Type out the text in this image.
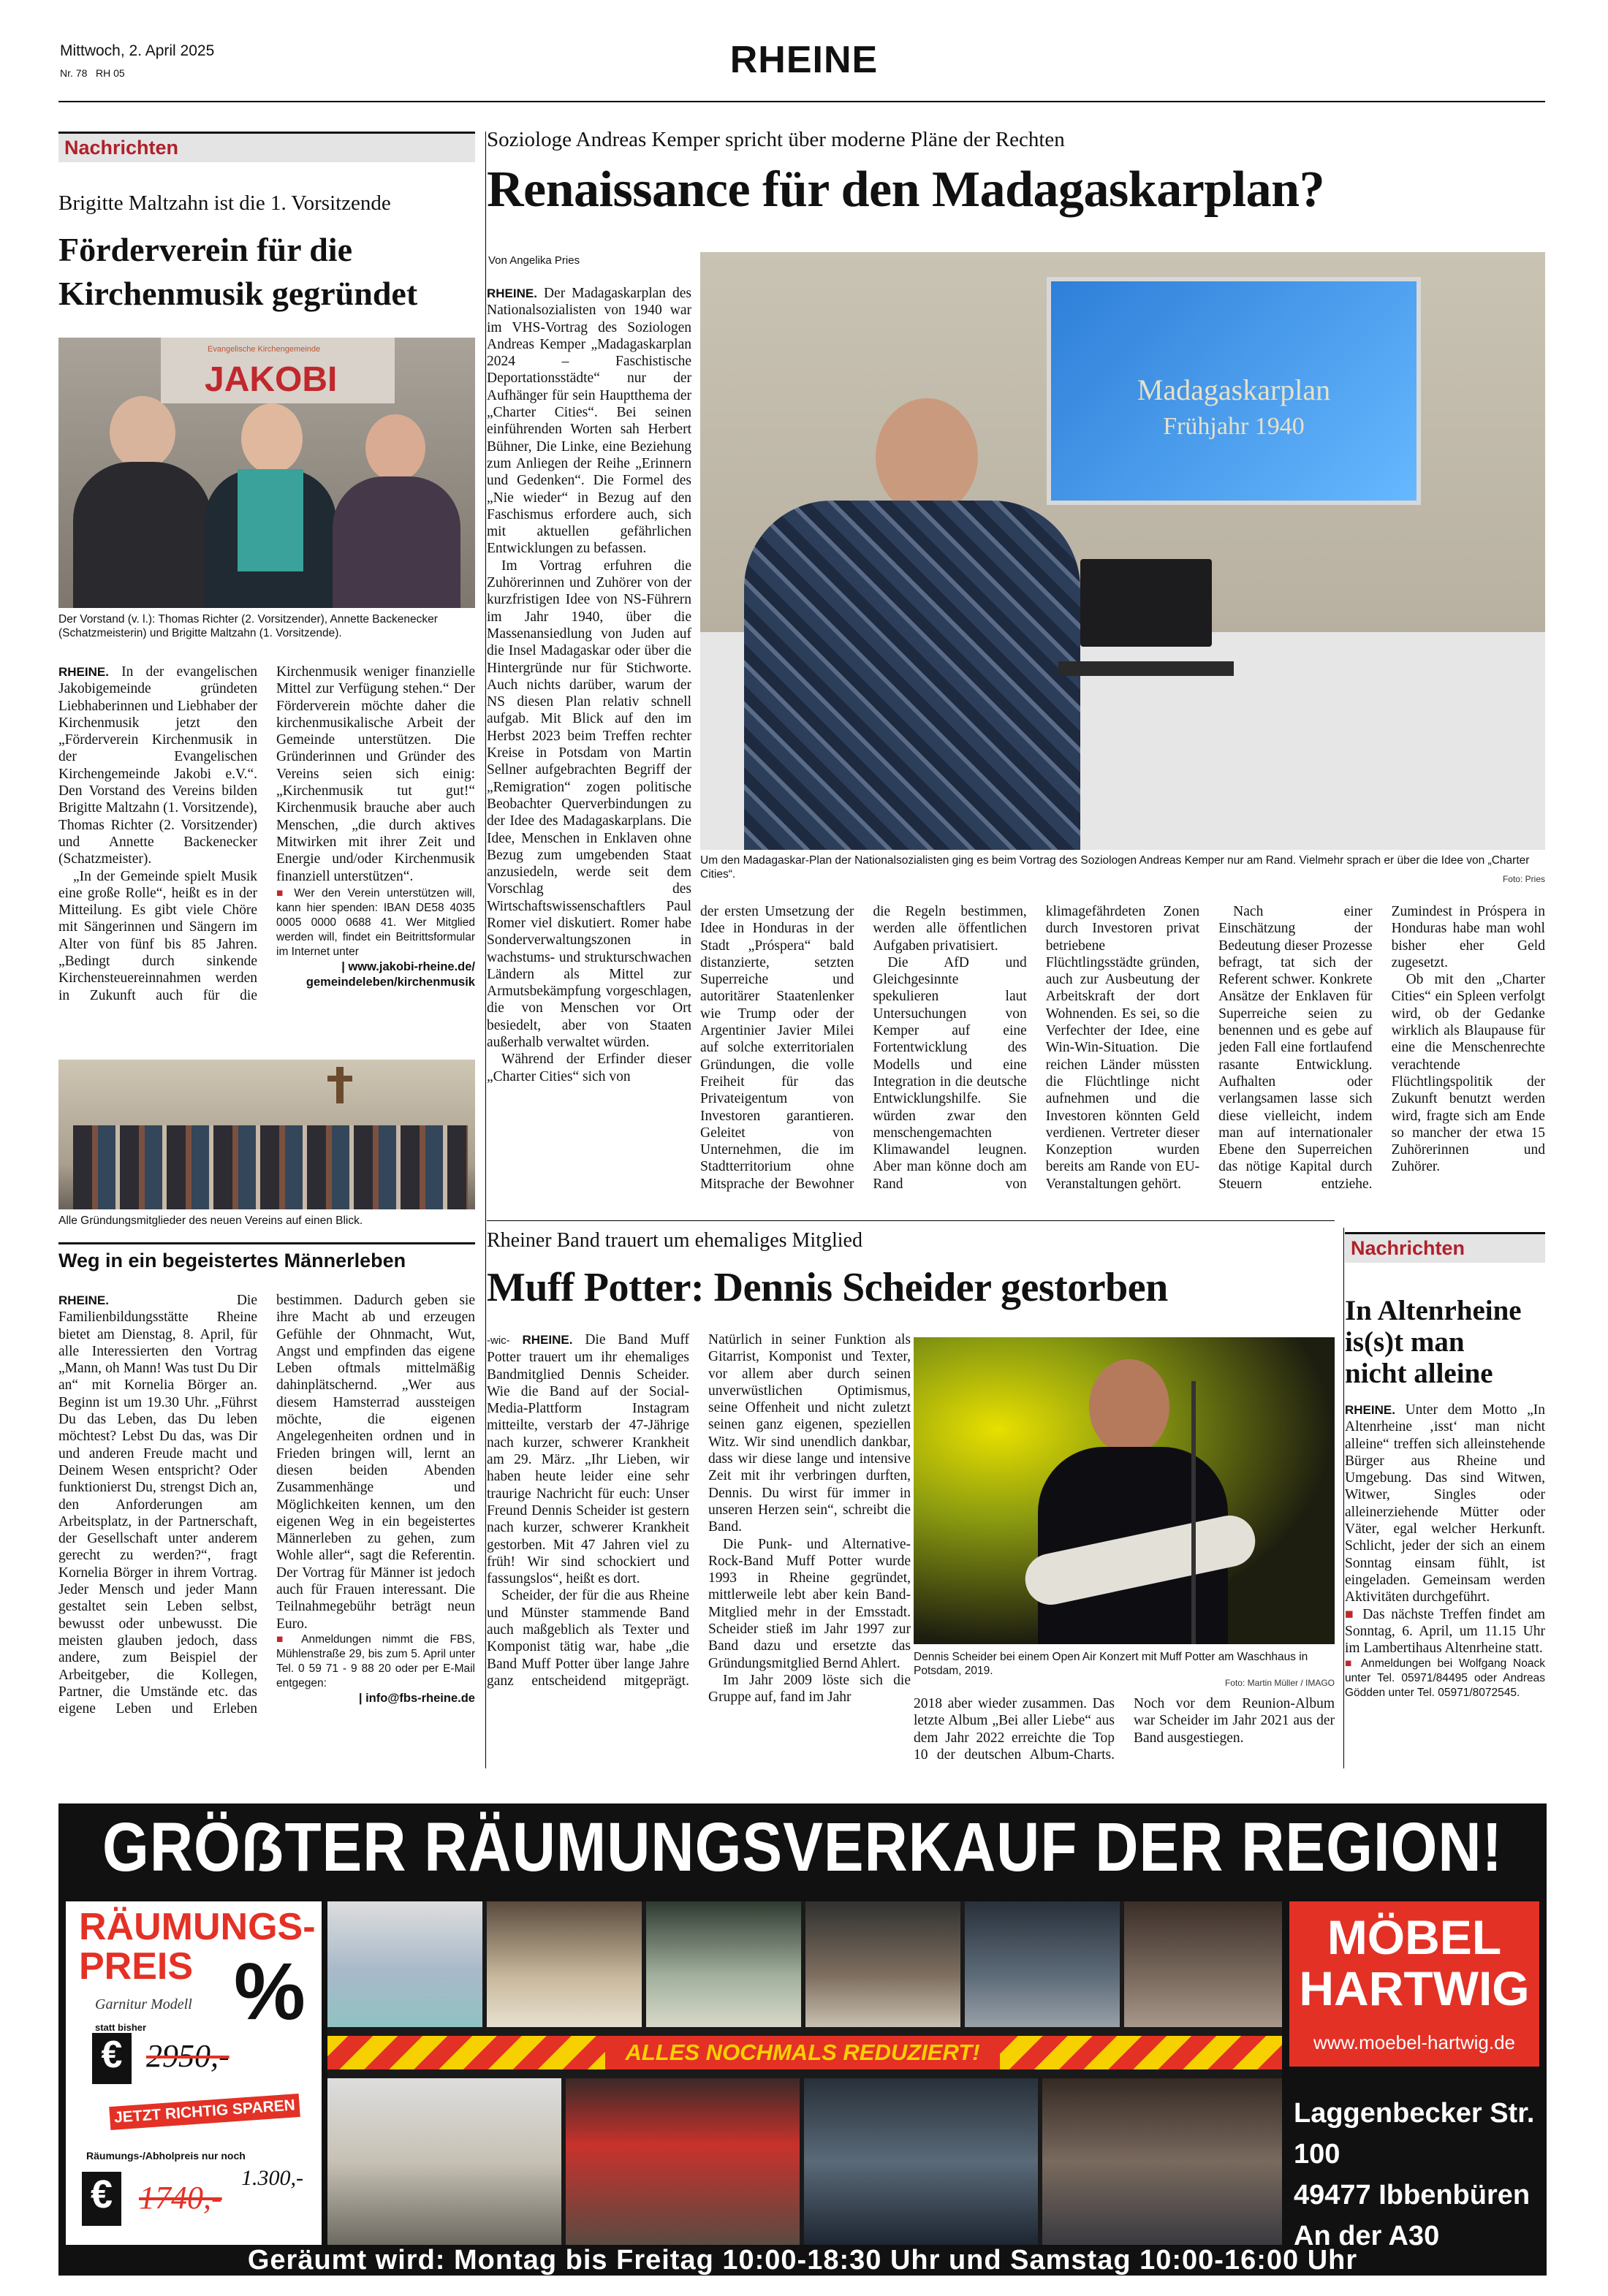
Mittwoch, 2. April 2025
Nr. 78 RH 05	RHEINE
Nachrichten
Brigitte Maltzahn ist die 1. Vorsitzende
Förderverein für die
Kirchenmusik gegründet
JAKOBI
Evangelische Kirchengemeinde
Der Vorstand (v. l.): Thomas Richter (2. Vorsitzender), Annette Backenecker (Schatzmeisterin) und Brigitte Maltzahn (1. Vorsitzende).

RHEINE. In der evangelischen Jakobigemeinde gründeten Liebhaberinnen und Liebhaber der Kirchenmusik jetzt den „Förderverein Kirchenmusik in der Evangelischen Kirchengemeinde Jakobi e.V.“. Den Vorstand des Vereins bilden Brigitte Maltzahn (1. Vorsitzende), Thomas Richter (2. Vorsitzender) und Annette Backenecker (Schatzmeister).

„In der Gemeinde spielt Musik eine große Rolle“, heißt es in der Mitteilung. Es gibt viele Chöre mit Sängerinnen und Sängern im Alter von fünf bis 85 Jahren. „Bedingt durch sinkende Kirchensteuereinnahmen werden in Zukunft auch für die Kirchenmusik weniger finanzielle Mittel zur Verfügung stehen.“ Der Förderverein möchte daher die kirchenmusikalische Arbeit der Gemeinde unterstützen. Die Gründerinnen und Gründer des Vereins seien sich einig: „Kirchenmusik tut gut!“ Kirchenmusik brauche aber auch Menschen, „die durch aktives Mitwirken mit ihrer Zeit und Energie und/oder Kirchenmusik finanziell unterstützen“.

■ Wer den Verein unterstützen will, kann hier spenden: IBAN DE58 4035 0005 0000 0688 41. Wer Mitglied werden will, findet ein Beitrittsformular im Internet unter
| www.jakobi-rheine.de/
gemeindeleben/kirchenmusik
Alle Gründungsmitglieder des neuen Vereins auf einen Blick.
Weg in ein begeistertes Männerleben

RHEINE.	Die Familienbildungsstätte Rheine bietet am Dienstag, 8. April, für alle Interessierten den Vortrag „Mann, oh Mann! Was tust Du Dir an“ mit Kornelia Börger an. Beginn ist um 19.30 Uhr. „Führst Du das Leben, das Du leben möchtest? Lebst Du das, was Dir und anderen Freude macht und Deinem Wesen entspricht? Oder funktionierst Du, strengst Dich an, den Anforderungen am Arbeitsplatz, in der Partnerschaft, der Gesellschaft unter anderem gerecht zu werden?“, fragt Kornelia Börger in ihrem Vortrag. Jeder Mensch und jeder Mann gestaltet sein Leben selbst, bewusst oder unbewusst. Die meisten glauben jedoch, dass andere, zum Beispiel der Arbeitgeber, die Kollegen, Partner, die Umstände etc. das eigene Leben und Erleben bestimmen. Dadurch geben sie ihre Macht ab und erzeugen Gefühle der Ohnmacht, Wut, Angst und empfinden das eigene Leben oftmals mittelmäßig dahinplätschernd. „Wer aus diesem Hamsterrad aussteigen möchte, die eigenen Angelegenheiten ordnen und in Frieden bringen will, lernt an diesen beiden Abenden Zusammenhänge und Möglichkeiten kennen, um den eigenen Weg in ein begeistertes Männerleben zu gehen, zum Wohle aller“, sagt die Referentin. Der Vortrag für Männer ist jedoch auch für Frauen interessant. Die Teilnahmegebühr beträgt neun Euro.

■ Anmeldungen nimmt die FBS, Mühlenstraße 29, bis zum 5. April unter Tel. 0 59 71 - 9 88 20 oder per E-Mail entgegen:
| info@fbs-rheine.de
Soziologe Andreas Kemper spricht über moderne Pläne der Rechten
Renaissance für den Madagaskarplan?
Von Angelika Pries

RHEINE. Der Madagaskarplan des Nationalsozialisten von 1940 war im VHS-Vortrag des Soziologen Andreas Kemper „Madagaskarplan 2024 – Faschistische Deportationsstädte“ nur der Aufhänger für sein Hauptthema der „Charter Cities“. Bei seinen einführenden Worten sah Herbert Bühner, Die Linke, eine Beziehung zum Anliegen der Reihe „Erinnern und Gedenken“. Die Formel des „Nie wieder“ in Bezug auf den Faschismus erfordere auch, sich mit aktuellen gefährlichen Entwicklungen zu befassen.

Im Vortrag erfuhren die Zuhörerinnen und Zuhörer von der kurzfristigen Idee von NS-Führern im Jahr 1940, über die Massenansiedlung von Juden auf die Insel Madagaskar oder über die Hintergründe nur für Stichworte. Auch nichts darüber, warum der NS diesen Plan relativ schnell aufgab. Mit Blick auf den im Herbst 2023 beim Treffen rechter Kreise in Potsdam von Martin Sellner aufgebrachten Begriff der „Remigration“ zogen politische Beobachter Querverbindungen zu der Idee des Madagaskarplans. Die Idee, Menschen in Enklaven ohne Bezug zum umgebenden Staat anzusiedeln, werde seit dem Vorschlag des Wirtschaftswissenschaftlers Paul Romer viel diskutiert. Romer habe Sonderverwaltungszonen in wachstums- und strukturschwachen Ländern als Mittel zur Armutsbekämpfung vorgeschlagen, die von Menschen vor Ort besiedelt, aber von Staaten außerhalb verwaltet würden.

Während der Erfinder dieser „Charter Cities“ sich von

Madagaskarplan
Frühjahr 1940
Um den Madagaskar-Plan der Nationalsozialisten ging es beim Vortrag des Soziologen Andreas Kemper nur am Rand. Vielmehr sprach er über die Idee von „Charter Cities“.	Foto: Pries

der ersten Umsetzung der Idee in Honduras in der Stadt „Próspera“ bald distanzierte, setzten Superreiche und autoritärer Staatenlenker wie Trump oder der Argentinier Javier Milei auf solche exterritorialen Gründungen, die volle Freiheit für das Privateigentum von Investoren garantieren. Geleitet von Unternehmen, die im Stadtterritorium ohne Mitsprache der Bewohner die Regeln bestimmen, werden alle öffentlichen Aufgaben privatisiert.

Die AfD und Gleichgesinnte spekulieren laut Untersuchungen von Kemper auf eine Fortentwicklung des Modells und eine Integration in die deutsche Entwicklungshilfe. Sie würden zwar den menschengemachten Klimawandel leugnen. Aber man könne doch am Rand von klimagefährdeten Zonen durch Investoren privat betriebene Flüchtlingsstädte gründen, auch zur Ausbeutung der Arbeitskraft der dort Wohnenden. Es sei, so die Verfechter der Idee, eine Win-Win-Situation. Die reichen Länder müssten die Flüchtlinge nicht aufnehmen und die Investoren könnten Geld verdienen. Vertreter dieser Konzeption wurden bereits am Rande von EU-Veranstaltungen gehört.

Nach einer Einschätzung der Bedeutung dieser Prozesse befragt, tat sich der Referent schwer. Konkrete Ansätze der Enklaven für Superreiche seien zu benennen und es gebe auf jeden Fall eine fortlaufend rasante Entwicklung. Aufhalten oder verlangsamen lasse sich diese vielleicht, indem man auf internationaler Ebene den Superreichen das nötige Kapital durch Steuern entziehe. Zumindest in Próspera in Honduras habe man wohl bisher eher Geld zugesetzt.

Ob mit den „Charter Cities“ ein Spleen verfolgt wird, ob der Gedanke wirklich als Blaupause für eine die Menschenrechte verachtende Flüchtlingspolitik der Zukunft benutzt werden wird, fragte sich am Ende so mancher der etwa 15 Zuhörerinnen und Zuhörer.

Rheiner Band trauert um ehemaliges Mitglied
Muff Potter: Dennis Scheider gestorben

-wic- RHEINE. Die Band Muff Potter trauert um ihr ehemaliges Bandmitglied Dennis Scheider. Wie die Band auf der Social-Media-Plattform Instagram mitteilte, verstarb der 47-Jährige nach kurzer, schwerer Krankheit am 29. März. „Ihr Lieben, wir haben heute leider eine sehr traurige Nachricht für euch: Unser Freund Dennis Scheider ist gestern nach kurzer, schwerer Krankheit gestorben. Mit 47 Jahren viel zu früh! Wir sind schockiert und fassungslos“, heißt es dort.

Scheider, der für die aus Rheine und Münster stammende Band auch maßgeblich als Texter und Komponist tätig war, habe „die Band Muff Potter über lange Jahre ganz entscheidend mitgeprägt. Natürlich in seiner Funktion als Gitarrist, Komponist und Texter, vor allem aber durch seinen unverwüstlichen Optimismus, seine Offenheit und nicht zuletzt seinen ganz eigenen, speziellen Witz. Wir sind unendlich dankbar, dass wir diese lange und intensive Zeit mit ihr verbringen durften, Dennis. Du wirst für immer in unseren Herzen sein“, schreibt die Band.

Die Punk- und Alternative-Rock-Band Muff Potter wurde 1993 in Rheine gegründet, mittlerweile lebt aber kein Band-Mitglied mehr in der Emsstadt. Scheider stieß im Jahr 1997 zur Band dazu und ersetzte das Gründungsmitglied Bernd Ahlert.

Im Jahr 2009 löste sich die Gruppe auf, fand im Jahr

Dennis Scheider bei einem Open Air Konzert mit Muff Potter am Waschhaus in Potsdam, 2019.
Foto: Martin Müller / IMAGO

2018 aber wieder zusammen. Das letzte Album „Bei aller Liebe“ aus dem Jahr 2022 erreichte die Top 10 der deutschen Album-Charts. Noch vor dem Reunion-Album war Scheider im Jahr 2021 aus der Band ausgestiegen.

Nachrichten
In Altenrheine
is(s)t man
nicht alleine

RHEINE. Unter dem Motto „In Altenrheine ‚isst‘ man nicht alleine“ treffen sich alleinstehende Bürger aus Rheine und Umgebung. Das sind Witwen, Witwer, Singles oder alleinerziehende Mütter oder Väter, egal welcher Herkunft. Schlicht, jeder der sich an einem Sonntag einsam fühlt, ist eingeladen. Gemeinsam werden Aktivitäten durchgeführt.

■ Das nächste Treffen findet am Sonntag, 6. April, um 11.15 Uhr im Lambertihaus Altenrheine statt.

■ Anmeldungen bei Wolfgang Noack unter Tel. 05971/84495 oder Andreas Gödden unter Tel. 05971/8072545.
GRÖẞTER RÄUMUNGSVERKAUF DER REGION!
RÄUMUNGS-
PREIS %
Garnitur Modell
statt bisher
€ 2950,-
JETZT RICHTIG SPAREN
Räumungs-/Abholpreis nur noch
€ 1740,-
1.300,-
ALLES NOCHMALS REDUZIERT!
MÖBEL
HARTWIG
www.moebel-hartwig.de
Laggenbecker Str. 100
49477 Ibbenbüren
An der A30
Geräumt wird: Montag bis Freitag 10:00-18:30 Uhr und Samstag 10:00-16:00 Uhr
